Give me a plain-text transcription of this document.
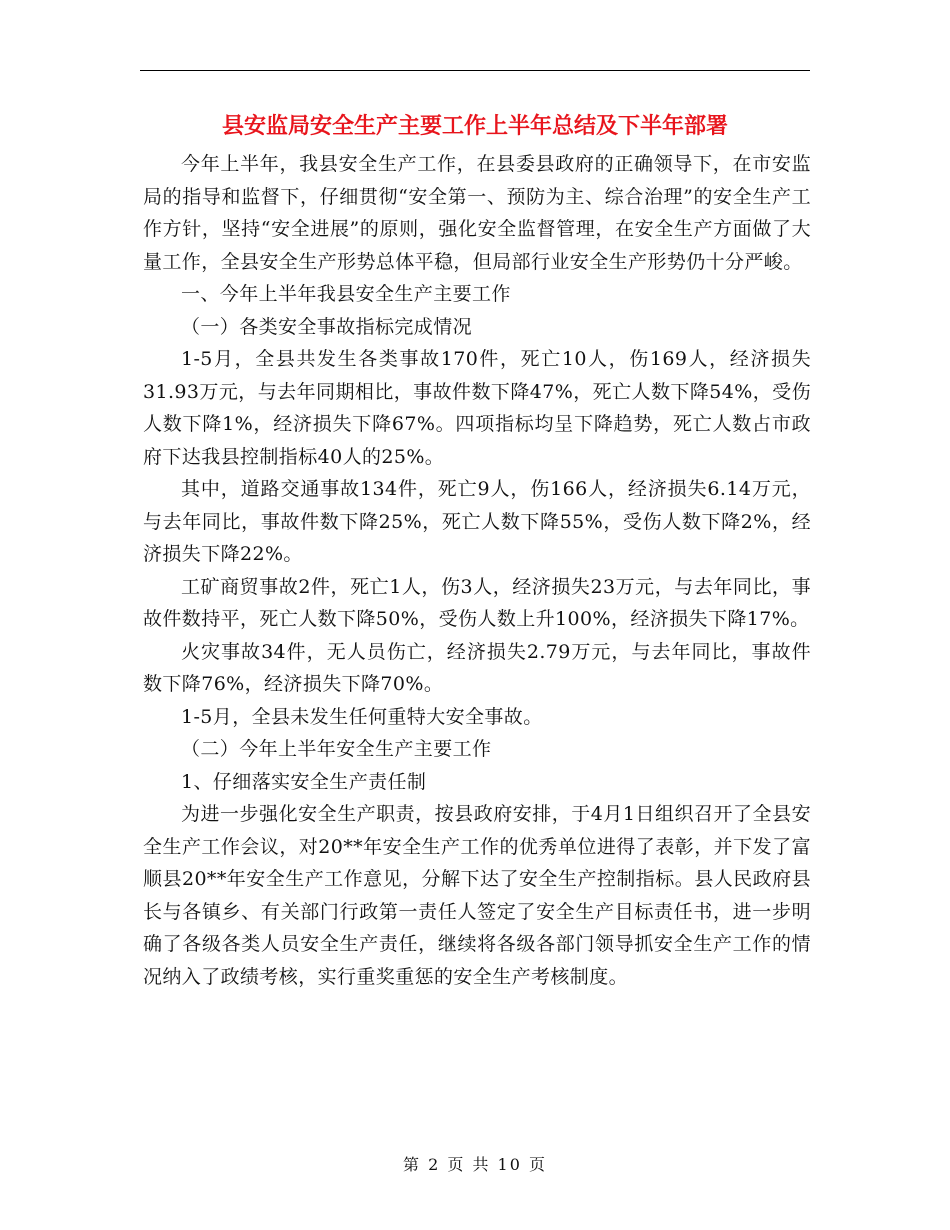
县安监局安全生产主要工作上半年总结及下半年部署

今年上半年，我县安全生产工作，在县委县政府的正确领导下，在市安监局的指导和监督下，仔细贯彻“安全第一、预防为主、综合治理”的安全生产工作方针，坚持“安全进展”的原则，强化安全监督管理，在安全生产方面做了大量工作，全县安全生产形势总体平稳，但局部行业安全生产形势仍十分严峻。

一、今年上半年我县安全生产主要工作

（一）各类安全事故指标完成情况

1-5月，全县共发生各类事故170件，死亡10人，伤169人，经济损失31.93万元，与去年同期相比，事故件数下降47%，死亡人数下降54%，受伤人数下降1%，经济损失下降67%。四项指标均呈下降趋势，死亡人数占市政府下达我县控制指标40人的25%。

其中，道路交通事故134件，死亡9人，伤166人，经济损失6.14万元，与去年同比，事故件数下降25%，死亡人数下降55%，受伤人数下降2%，经济损失下降22%。

工矿商贸事故2件，死亡1人，伤3人，经济损失23万元，与去年同比，事故件数持平，死亡人数下降50%，受伤人数上升100%，经济损失下降17%。

火灾事故34件，无人员伤亡，经济损失2.79万元，与去年同比，事故件数下降76%，经济损失下降70%。

1-5月，全县未发生任何重特大安全事故。

（二）今年上半年安全生产主要工作

1、仔细落实安全生产责任制

为进一步强化安全生产职责，按县政府安排，于4月1日组织召开了全县安全生产工作会议，对20**年安全生产工作的优秀单位进得了表彰，并下发了富顺县20**年安全生产工作意见，分解下达了安全生产控制指标。县人民政府县长与各镇乡、有关部门行政第一责任人签定了安全生产目标责任书，进一步明确了各级各类人员安全生产责任，继续将各级各部门领导抓安全生产工作的情况纳入了政绩考核，实行重奖重惩的安全生产考核制度。

第 2 页 共 10 页
